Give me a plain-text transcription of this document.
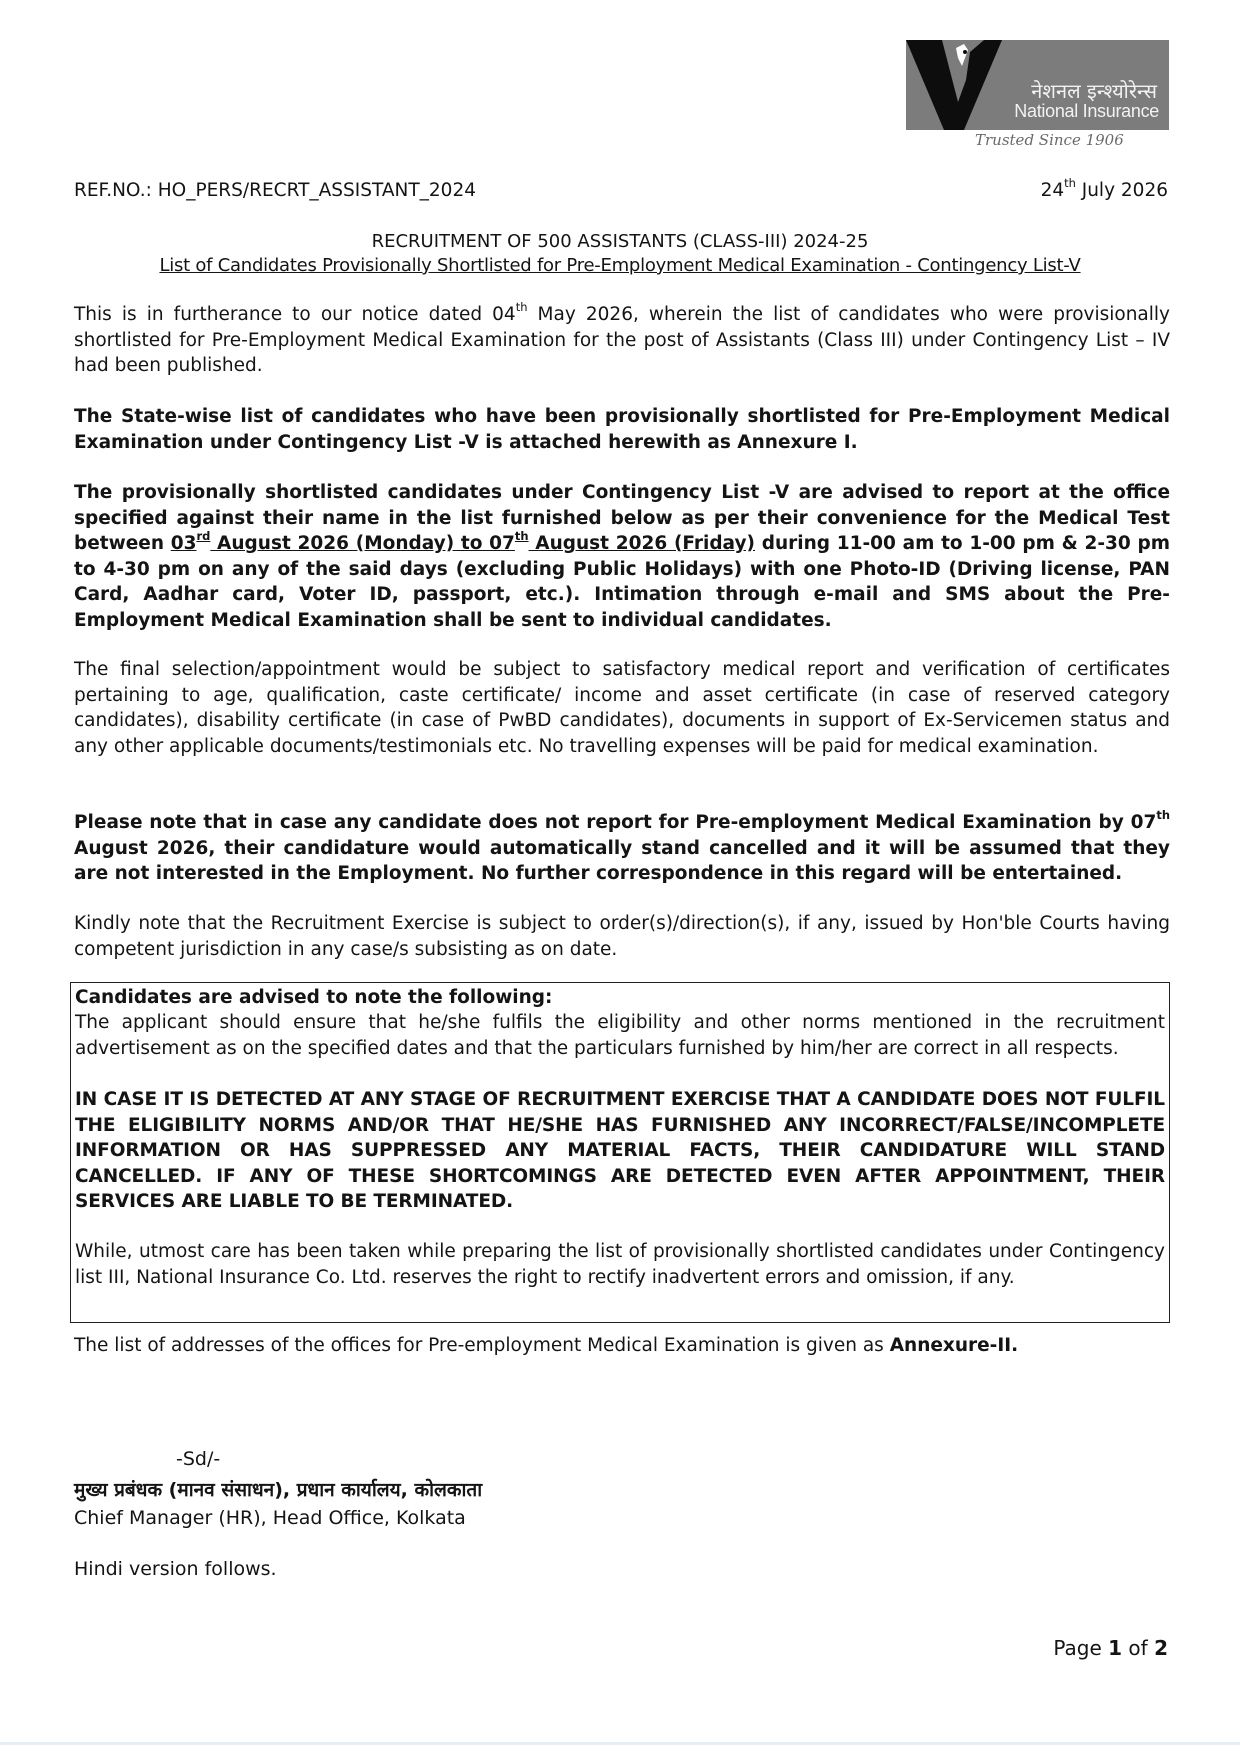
नेशनल इन्श्योरेन्स
National Insurance
Trusted Since 1906
REF.NO.: HO_PERS/RECRT_ASSISTANT_2024	24th July 2026
RECRUITMENT OF 500 ASSISTANTS (CLASS-III) 2024-25
List of Candidates Provisionally Shortlisted for Pre-Employment Medical Examination - Contingency List-V

This is in furtherance to our notice dated 04th May 2026, wherein the list of candidates who were provisionally shortlisted for Pre-Employment Medical Examination for the post of Assistants (Class III) under Contingency List – IV had been published.

The State-wise list of candidates who have been provisionally shortlisted for Pre-Employment Medical Examination under Contingency List -V is attached herewith as Annexure I.

The provisionally shortlisted candidates under Contingency List -V are advised to report at the office specified against their name in the list furnished below as per their convenience for the Medical Test between 03rd August 2026 (Monday) to 07th August 2026 (Friday) during 11-00 am to 1-00 pm & 2-30 pm to 4-30 pm on any of the said days (excluding Public Holidays) with one Photo-ID (Driving license, PAN Card, Aadhar card, Voter ID, passport, etc.). Intimation through e-mail and SMS about the Pre-Employment Medical Examination shall be sent to individual candidates.

The final selection/appointment would be subject to satisfactory medical report and verification of certificates pertaining to age, qualification, caste certificate/ income and asset certificate (in case of reserved category candidates), disability certificate (in case of PwBD candidates), documents in support of Ex-Servicemen status and any other applicable documents/testimonials etc. No travelling expenses will be paid for medical examination.

Please note that in case any candidate does not report for Pre-employment Medical Examination by 07th August 2026, their candidature would automatically stand cancelled and it will be assumed that they are not interested in the Employment. No further correspondence in this regard will be entertained.

Kindly note that the Recruitment Exercise is subject to order(s)/direction(s), if any, issued by Hon'ble Courts having competent jurisdiction in any case/s subsisting as on date.

Candidates are advised to note the following:

The applicant should ensure that he/she fulfils the eligibility and other norms mentioned in the recruitment advertisement as on the specified dates and that the particulars furnished by him/her are correct in all respects.

IN CASE IT IS DETECTED AT ANY STAGE OF RECRUITMENT EXERCISE THAT A CANDIDATE DOES NOT FULFIL THE ELIGIBILITY NORMS AND/OR THAT HE/SHE HAS FURNISHED ANY INCORRECT/FALSE/INCOMPLETE INFORMATION OR HAS SUPPRESSED ANY MATERIAL FACTS, THEIR CANDIDATURE WILL STAND CANCELLED. IF ANY OF THESE SHORTCOMINGS ARE DETECTED EVEN AFTER APPOINTMENT, THEIR SERVICES ARE LIABLE TO BE TERMINATED.

While, utmost care has been taken while preparing the list of provisionally shortlisted candidates under Contingency list III, National Insurance Co. Ltd. reserves the right to rectify inadvertent errors and omission, if any.

The list of addresses of the offices for Pre-employment Medical Examination is given as Annexure-II.

-Sd/-
मुख्य प्रबंधक (मानव संसाधन), प्रधान कार्यालय, कोलकाता
Chief Manager (HR), Head Office, Kolkata
Hindi version follows.
Page 1 of 2
